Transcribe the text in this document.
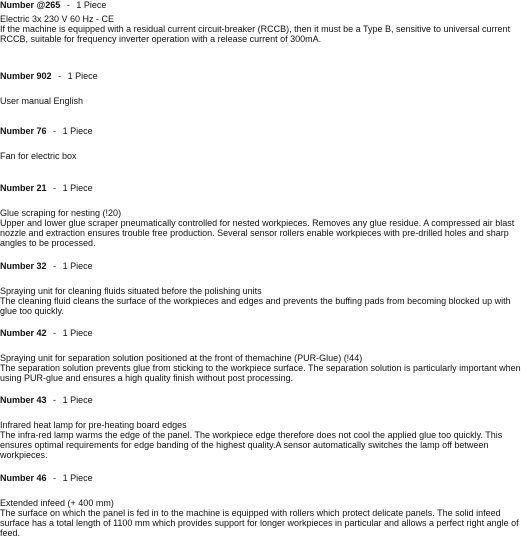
Number @265 - 1 Piece
Electric 3x 230 V 60 Hz - CE
If the machine is equipped with a residual current circuit-breaker (RCCB), then it must be a Type B, sensitive to universal current
RCCB, suitable for frequency inverter operation with a release current of 300mA.
Number 902 - 1 Piece
User manual English
Number 76 - 1 Piece
Fan for electric box
Number 21 - 1 Piece
Glue scraping for nesting (!20)
Upper and lower glue scraper pneumatically controlled for nested workpieces. Removes any glue residue. A compressed air blast
nozzle and extraction ensures trouble free production. Several sensor rollers enable workpieces with pre-drilled holes and sharp
angles to be processed.
Number 32 - 1 Piece
Spraying unit for cleaning fluids situated before the polishing units
The cleaning fluid cleans the surface of the workpieces and edges and prevents the buffing pads from becoming blocked up with
glue too quickly.
Number 42 - 1 Piece
Spraying unit for separation solution positioned at the front of themachine (PUR-Glue) (!44)
The separation solution prevents glue from sticking to the workpiece surface. The separation solution is particularly important when
using PUR-glue and ensures a high quality finish without post processing.
Number 43 - 1 Piece
Infrared heat lamp for pre-heating board edges
The infra-red lamp warms the edge of the panel. The workpiece edge therefore does not cool the applied glue too quickly. This
ensures optimal requirements for edge banding of the highest quality.A sensor automatically switches the lamp off between
workpieces.
Number 46 - 1 Piece
Extended infeed (+ 400 mm)
The surface on which the panel is fed in to the machine is equipped with rollers which protect delicate panels. The solid infeed
surface has a total length of 1100 mm which provides support for longer workpieces in particular and allows a perfect right angle of
feed.
